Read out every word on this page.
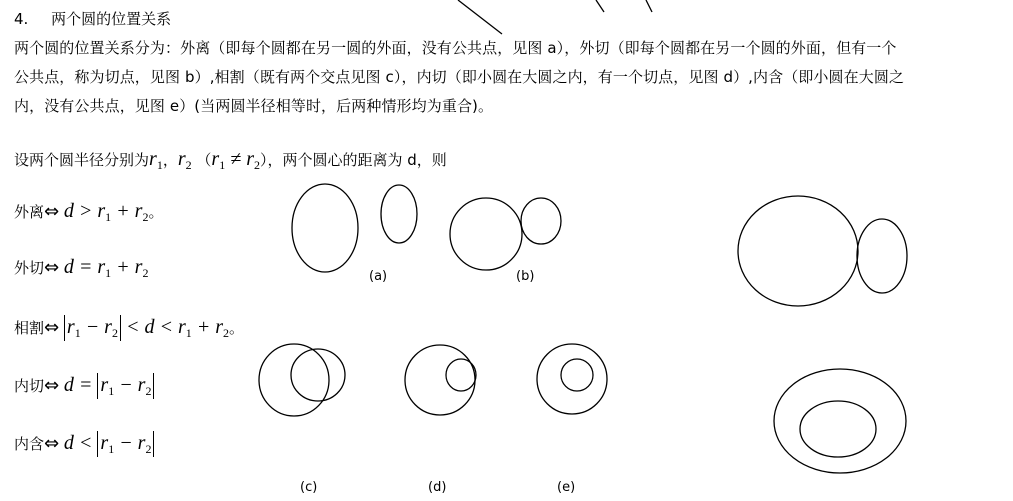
4. 两个圆的位置关系
两个圆的位置关系分为：外离（即每个圆都在另一圆的外面，没有公共点，见图 a），外切（即每个圆都在另一个圆的外面，但有一个
公共点，称为切点，见图 b）,相割（既有两个交点见图 c），内切（即小圆在大圆之内，有一个切点，见图 d）,内含（即小圆在大圆之
内，没有公共点，见图 e）(当两圆半径相等时，后两种情形均为重合)。
设两个圆半径分别为$r_1$，$r_2$ $(r_1 \ne r_2)$，两个圆心的距离为 d，则
外离⇔ $d > r_1 + r_2$。
外切⇔ $d = r_1 + r_2$
相割⇔ $r_1 - r_2 < d < r_1 + r_2$。
内切⇔ $d = r_1 - r_2$
内含⇔ $d < r_1 - r_2$
(a)	(b)
(c)	(d)	(e)
